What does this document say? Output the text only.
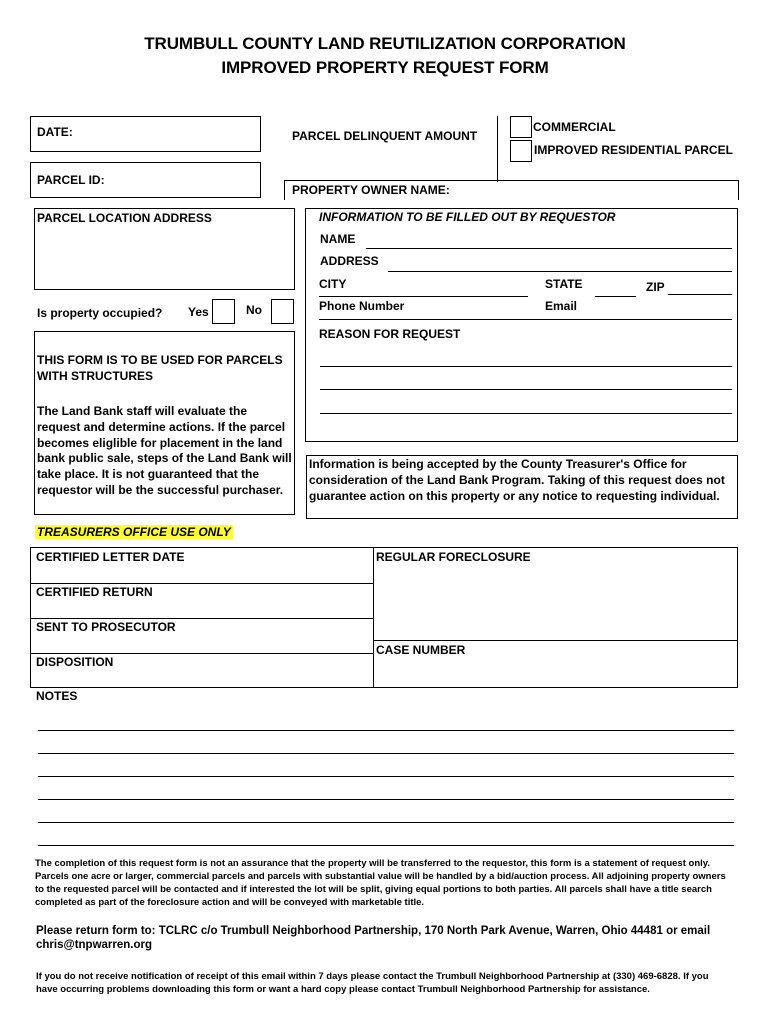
TRUMBULL COUNTY LAND REUTILIZATION CORPORATION
IMPROVED PROPERTY REQUEST FORM
DATE:	PARCEL DELINQUENT AMOUNT
COMMERCIAL
IMPROVED RESIDENTIAL PARCEL
PARCEL ID:
PROPERTY OWNER NAME:
PARCEL LOCATION ADDRESS
Is property occupied? Yes	No
INFORMATION TO BE FILLED OUT BY REQUESTOR
NAME
ADDRESS
CITY	STATE	ZIP
Phone Number	Email
REASON FOR REQUEST
THIS FORM IS TO BE USED FOR PARCELS WITH STRUCTURES
The Land Bank staff will evaluate the request and determine actions. If the parcel becomes eliglible for placement in the land bank public sale, steps of the Land Bank will take place. It is not guaranteed that the requestor will be the successful purchaser.
Information is being accepted by the County Treasurer's Office for consideration of the Land Bank Program. Taking of this request does not guarantee action on this property or any notice to requesting individual.
TREASURERS OFFICE USE ONLY
CERTIFIED LETTER DATE
CERTIFIED RETURN
SENT TO PROSECUTOR
DISPOSITION
REGULAR FORECLOSURE
CASE NUMBER
NOTES
The completion of this request form is not an assurance that the property will be transferred to the requestor, this form is a statement of request only. Parcels one acre or larger, commercial parcels and parcels with substantial value will be handled by a bid/auction process. All adjoining property owners to the requested parcel will be contacted and if interested the lot will be split, giving equal portions to both parties. All parcels shall have a title search completed as part of the foreclosure action and will be conveyed with marketable title.
Please return form to: TCLRC c/o Trumbull Neighborhood Partnership, 170 North Park Avenue, Warren, Ohio 44481 or email
chris@tnpwarren.org
If you do not receive notification of receipt of this email within 7 days please contact the Trumbull Neighborhood Partnership at (330) 469-6828. If you have occurring problems downloading this form or want a hard copy please contact Trumbull Neighborhood Partnership for assistance.
